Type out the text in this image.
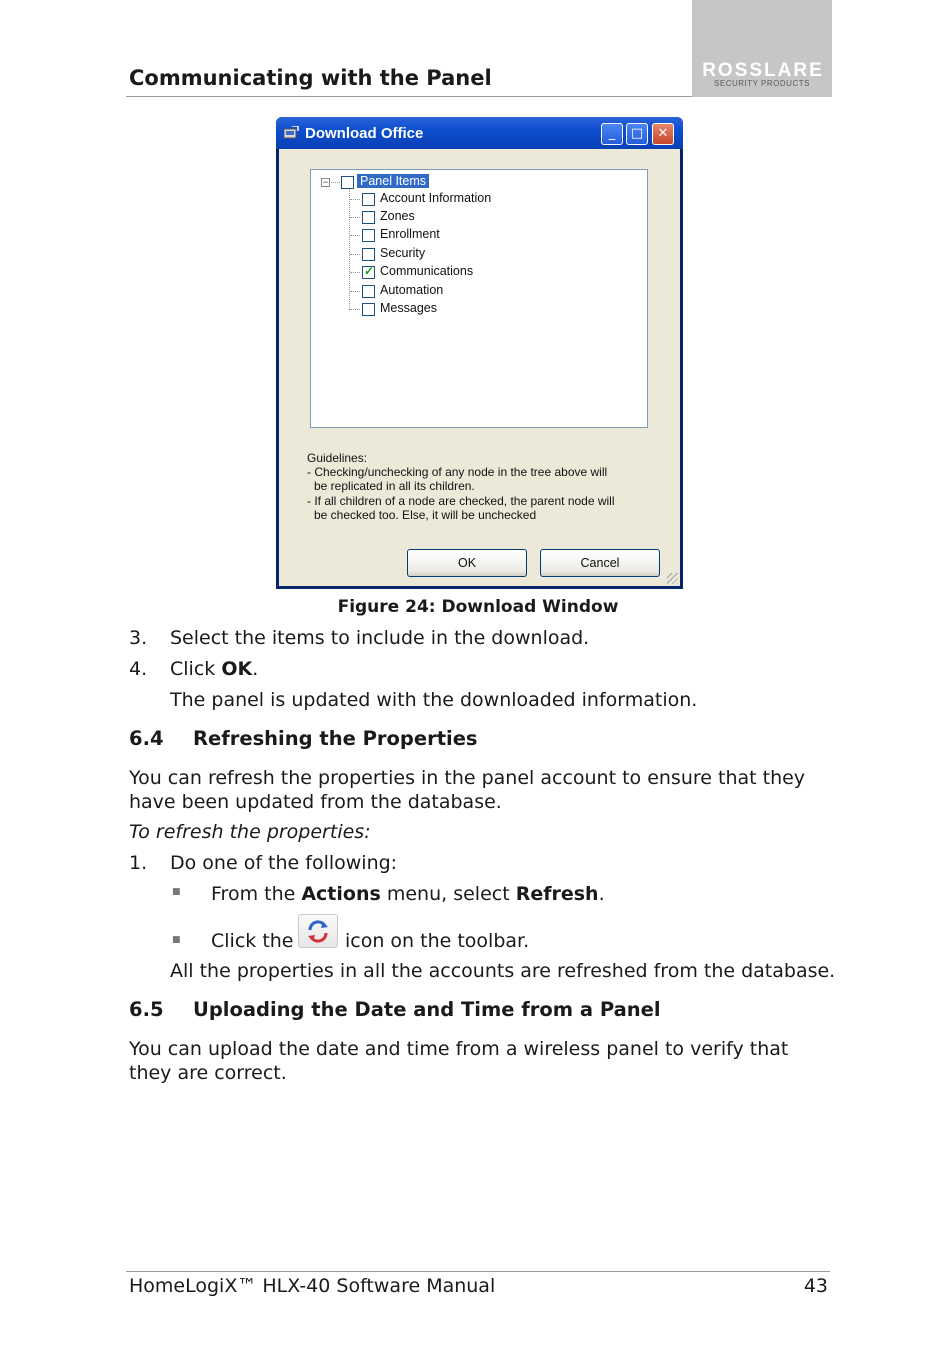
Communicating with the Panel	ROSSLARE
SECURITY PRODUCTS
Download Office	_	□	✕
−	Panel Items
Account Information
Zones
Enrollment
Security
✓ Communications
Automation
Messages
Guidelines:
- Checking/unchecking of any node in the tree above will
be replicated in all its children.
- If all children of a node are checked, the parent node will
be checked too. Else, it will be unchecked
OK	Cancel
Figure 24: Download Window
3. Select the items to include in the download.
4. Click OK.
The panel is updated with the downloaded information.
6.4 Refreshing the Properties
You can refresh the properties in the panel account to ensure that they have been updated from the database.
To refresh the properties:
1. Do one of the following:
■ From the Actions menu, select Refresh.
■ Click the	icon on the toolbar.
All the properties in all the accounts are refreshed from the database.
6.5 Uploading the Date and Time from a Panel
You can upload the date and time from a wireless panel to verify that they are correct.
HomeLogiX™ HLX-40 Software Manual	43
